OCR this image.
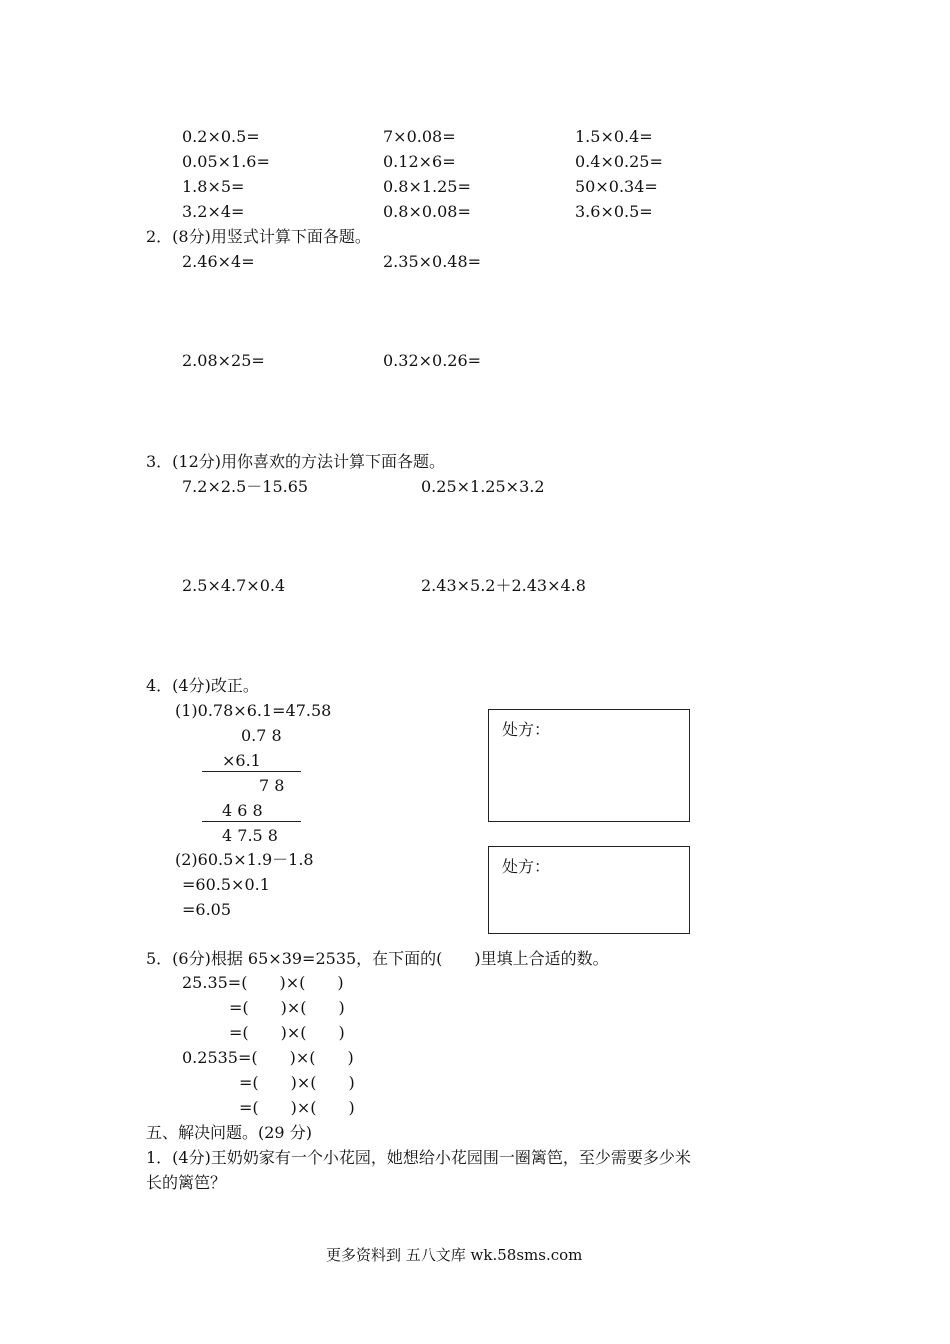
0.2×0.5=	7×0.08=	1.5×0.4=
0.05×1.6=	0.12×6=	0.4×0.25=
1.8×5=	0.8×1.25=	50×0.34=
3.2×4=	0.8×0.08=	3.6×0.5=
2．(8分)用竖式计算下面各题。
2.46×4=	2.35×0.48=
2.08×25=	0.32×0.26=
3．(12分)用你喜欢的方法计算下面各题。
7.2×2.5－15.65	0.25×1.25×3.2
2.5×4.7×0.4	2.43×5.2＋2.43×4.8
4．(4分)改正。
(1)0.78×6.1=47.58
0.7 8
×6.1
7 8
4 6 8
4 7.5 8
(2)60.5×1.9－1.8
=60.5×0.1
=6.05
处方：
处方：
5．(6分)根据 65×39=2535，在下面的(　　)里填上合适的数。
25.35=(　　)×(　　)
=(　　)×(　　)
=(　　)×(　　)
0.2535=(　　)×(　　)
=(　　)×(　　)
=(　　)×(　　)
五、解决问题。(29 分)
1．(4分)王奶奶家有一个小花园，她想给小花园围一圈篱笆，至少需要多少米
长的篱笆？
更多资料到 五八文库 wk.58sms.com
